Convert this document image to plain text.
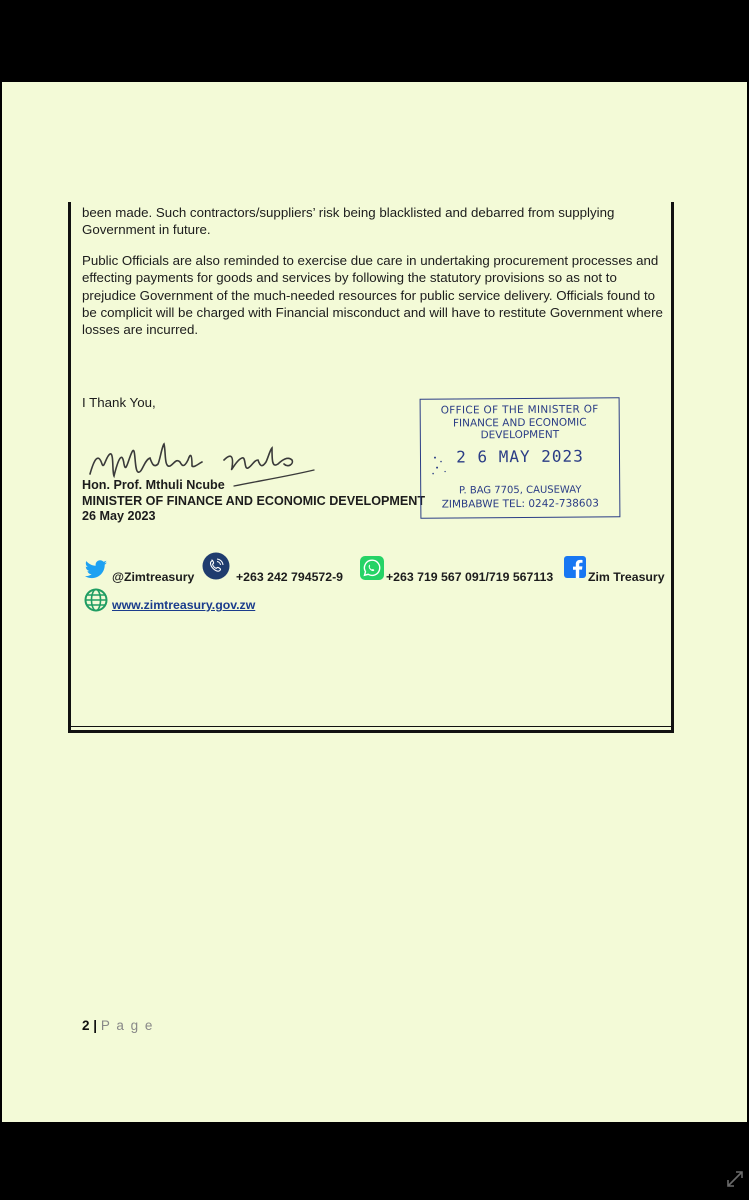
been made. Such contractors/suppliers’ risk being blacklisted and debarred from supplying Government in future.
Public Officials are also reminded to exercise due care in undertaking procurement processes and effecting payments for goods and services by following the statutory provisions so as not to prejudice Government of the much-needed resources for public service delivery. Officials found to be complicit will be charged with Financial misconduct and will have to restitute Government where losses are incurred.
I Thank You,
Hon. Prof. Mthuli Ncube
MINISTER OF FINANCE AND ECONOMIC DEVELOPMENT
26 May 2023
OFFICE OF THE MINISTER OF
FINANCE AND ECONOMIC
DEVELOPMENT
2 6 MAY 2023
P. BAG 7705, CAUSEWAY
ZIMBABWE TEL: 0242-738603
@Zimtreasury	+263 242 794572-9	+263 719 567 091/719 567113	Zim Treasury
www.zimtreasury.gov.zw
2 | P a g e
